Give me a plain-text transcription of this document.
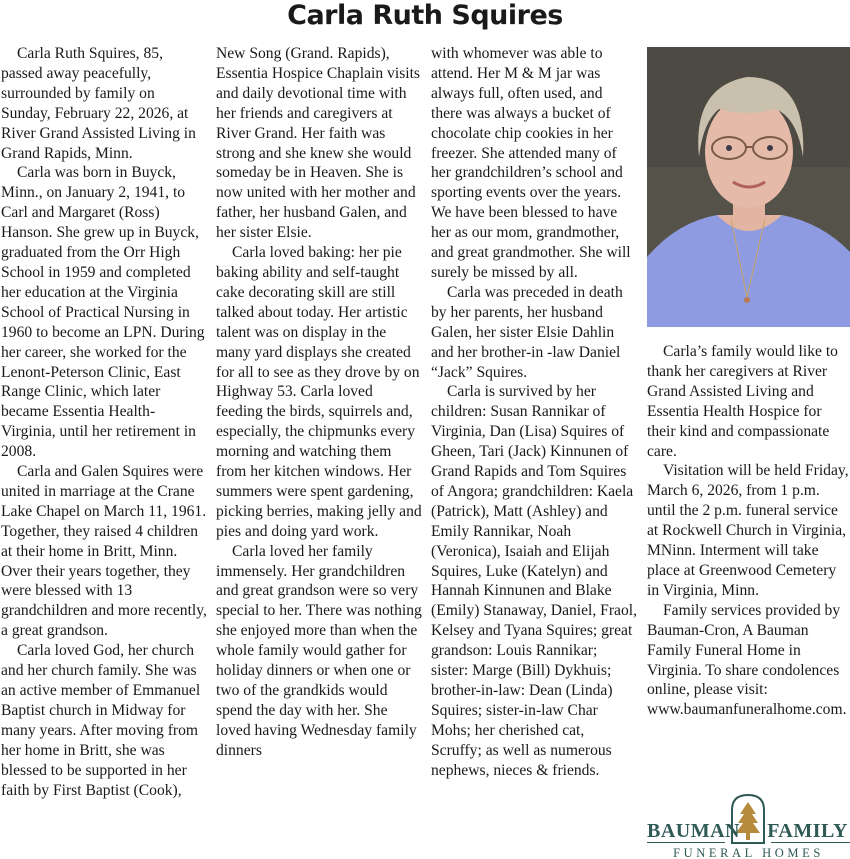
Carla Ruth Squires

Carla Ruth Squires, 85, passed away peacefully, surrounded by family on Sunday, February 22, 2026, at River Grand Assisted Living in Grand Rapids, Minn.

Carla was born in Buyck, Minn., on January 2, 1941, to Carl and Margaret (Ross) Hanson. She grew up in Buyck, graduated from the Orr High School in 1959 and completed her education at the Virginia School of Practical Nursing in 1960 to become an LPN. During her career, she worked for the Lenont-Peterson Clinic, East Range Clinic, which later became Essentia Health-Virginia, until her retirement in 2008.

Carla and Galen Squires were united in marriage at the Crane Lake Chapel on March 11, 1961. Together, they raised 4 children at their home in Britt, Minn. Over their years together, they were blessed with 13 grandchildren and more recently, a great grandson.

Carla loved God, her church and her church family. She was an active member of Emmanuel Baptist church in Midway for many years. After moving from her home in Britt, she was blessed to be supported in her faith by First Baptist (Cook),

New Song (Grand. Rapids), Essentia Hospice Chaplain visits and daily devotional time with her friends and caregivers at River Grand. Her faith was strong and she knew she would someday be in Heaven. She is now united with her mother and father, her husband Galen, and her sister Elsie.

Carla loved baking: her pie baking ability and self-taught cake decorating skill are still talked about today. Her artistic talent was on display in the many yard displays she created for all to see as they drove by on Highway 53. Carla loved feeding the birds, squirrels and, especially, the chipmunks every morning and watching them from her kitchen windows. Her summers were spent gardening, picking berries, making jelly and pies and doing yard work.

Carla loved her family immensely. Her grandchildren and great grandson were so very special to her. There was nothing she enjoyed more than when the whole family would gather for holiday dinners or when one or two of the grandkids would spend the day with her. She loved having Wednesday family dinners

with whomever was able to attend. Her M & M jar was always full, often used, and there was always a bucket of chocolate chip cookies in her freezer. She attended many of her grandchildren’s school and sporting events over the years. We have been blessed to have her as our mom, grandmother, and great grandmother. She will surely be missed by all.

Carla was preceded in death by her parents, her husband Galen, her sister Elsie Dahlin and her brother-in -law Daniel “Jack” Squires.

Carla is survived by her children: Susan Rannikar of Virginia, Dan (Lisa) Squires of Gheen, Tari (Jack) Kinnunen of Grand Rapids and Tom Squires of Angora; grandchildren: Kaela (Patrick), Matt (Ashley) and Emily Rannikar, Noah (Veronica), Isaiah and Elijah Squires, Luke (Katelyn) and Hannah Kinnunen and Blake (Emily) Stanaway, Daniel, Fraol, Kelsey and Tyana Squires; great grandson: Louis Rannikar; sister: Marge (Bill) Dykhuis; brother-in-law: Dean (Linda) Squires; sister-in-law Char Mohs; her cherished cat, Scruffy; as well as numerous nephews, nieces & friends.

Carla’s family would like to thank her caregivers at River Grand Assisted Living and Essentia Health Hospice for their kind and compassionate care.

Visitation will be held Friday, March 6, 2026, from 1 p.m. until the 2 p.m. funeral service at Rockwell Church in Virginia, MNinn. Interment will take place at Greenwood Cemetery in Virginia, Minn.

Family services provided by Bauman-Cron, A Bauman Family Funeral Home in Virginia. To share condolences online, please visit: www.baumanfuneralhome.com.

BAUMAN FAMILY
FUNERAL HOMES
